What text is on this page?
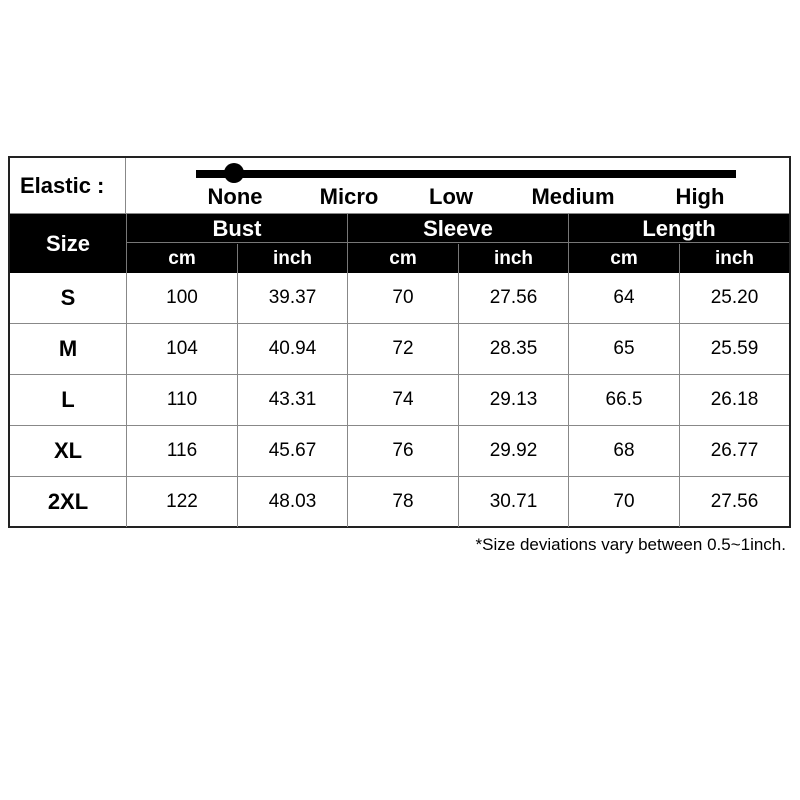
Elastic :	None	Micro Low	Medium	High
Size
Bust	Sleeve	Length
cm	inch	cm	inch	cm	inch
S	100	39.37	70	27.56	64	25.20
M	104	40.94	72	28.35	65	25.59
L	110	43.31	74	29.13	66.5	26.18
XL	116	45.67	76	29.92	68	26.77
2XL	122	48.03	78	30.71	70	27.56
*Size deviations vary between 0.5~1inch.
